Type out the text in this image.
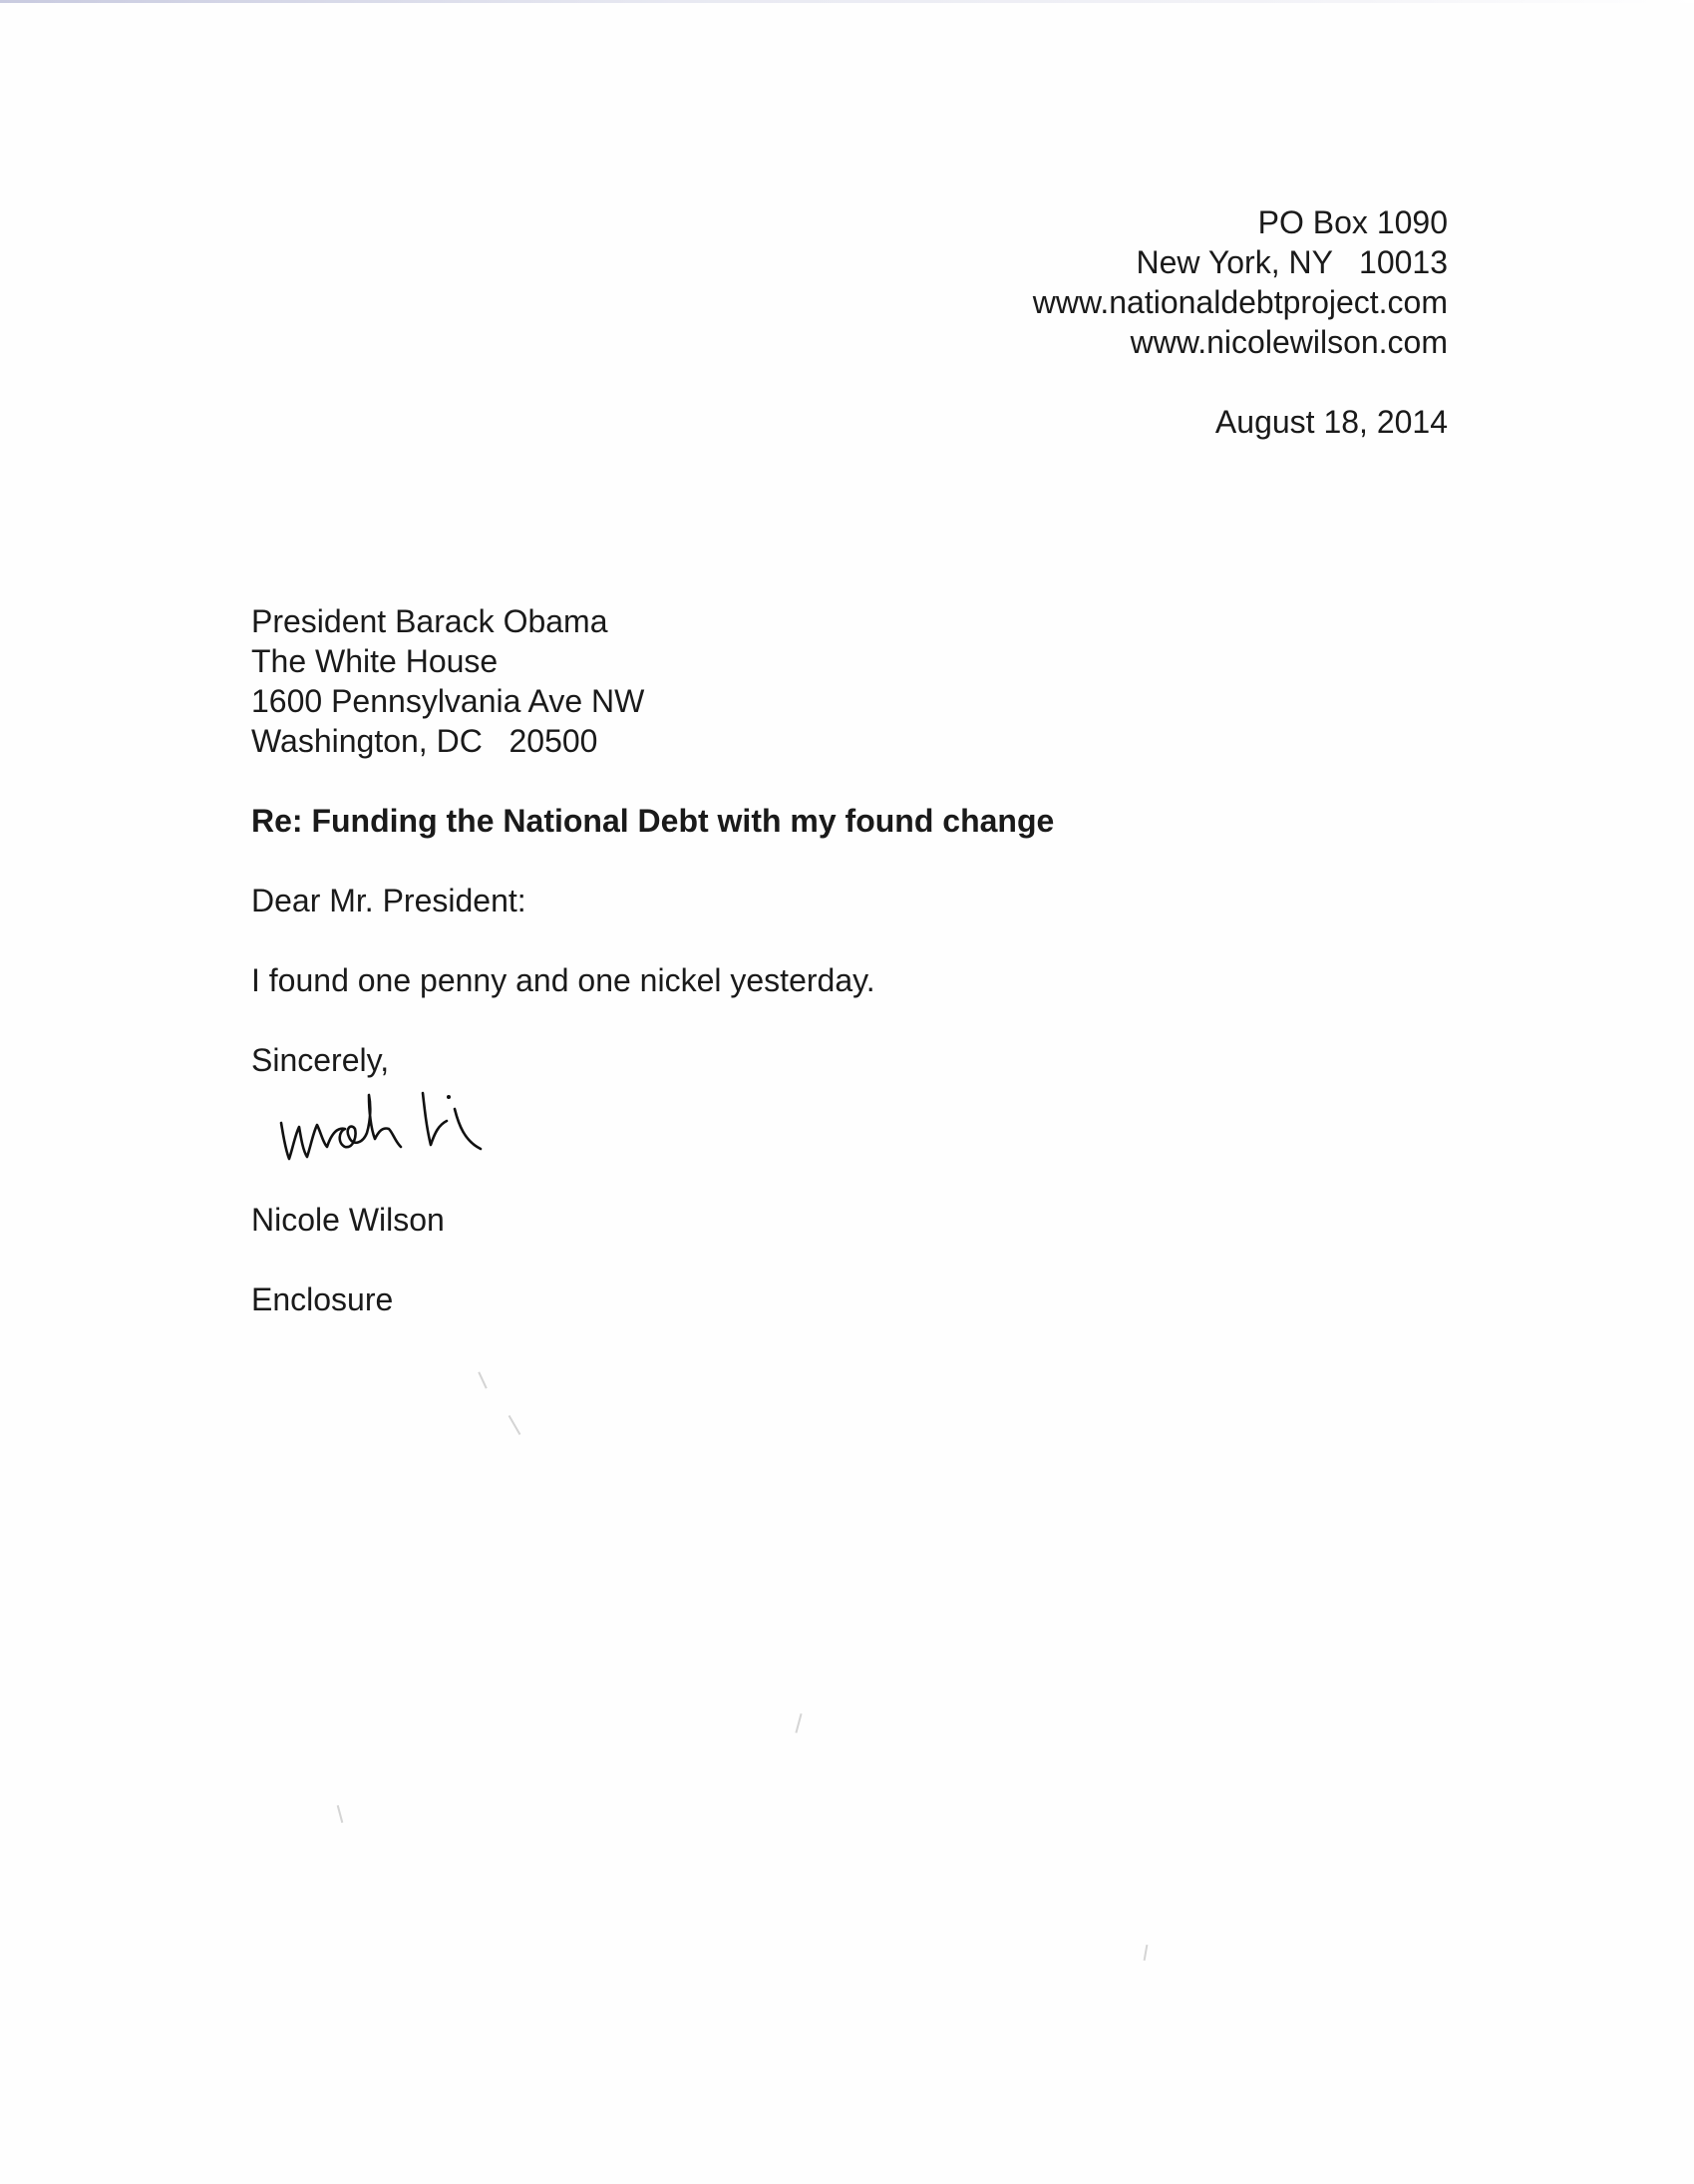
PO Box 1090

New York, NY   10013

www.nationaldebtproject.com

www.nicolewilson.com

August 18, 2014

President Barack Obama

The White House

1600 Pennsylvania Ave NW

Washington, DC   20500

Re: Funding the National Debt with my found change

Dear Mr. President:

I found one penny and one nickel yesterday.

Sincerely,

Nicole Wilson

Enclosure
